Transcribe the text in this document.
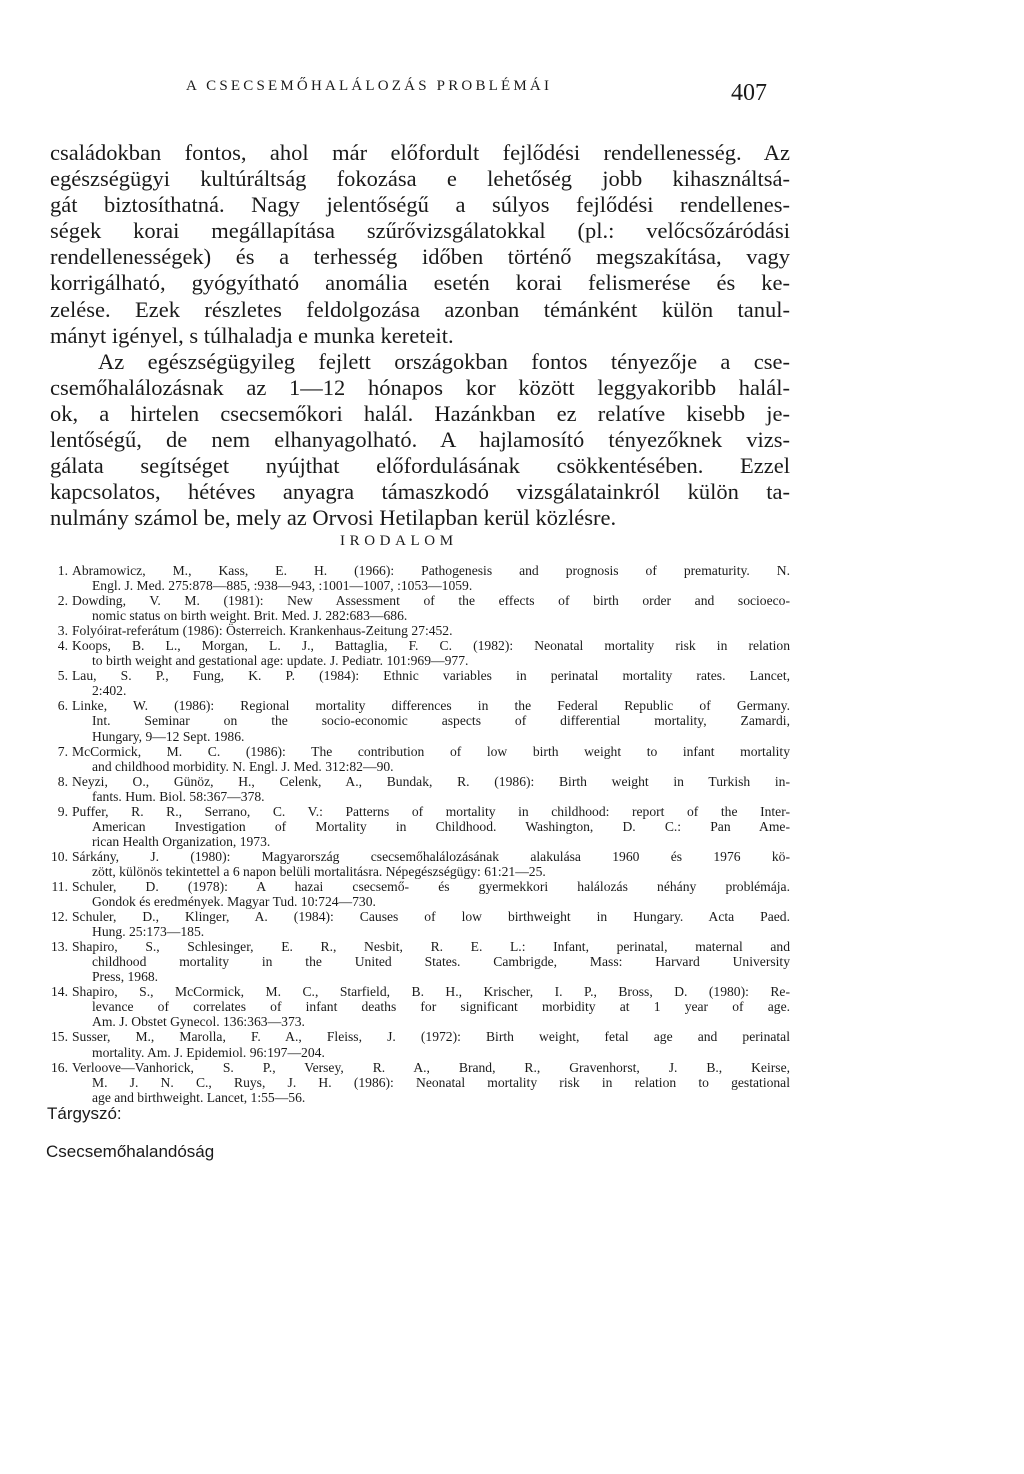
A CSECSEMŐHALÁLOZÁS PROBLÉMÁI	407
családokban fontos, ahol már előfordult fejlődési rendellenesség. Az
egészségügyi kultúráltság fokozása e lehetőség jobb kihasználtsá-
gát biztosíthatná. Nagy jelentőségű a súlyos fejlődési rendellenes-
ségek korai megállapítása szűrővizsgálatokkal (pl.: velőcsőzáródási
rendellenességek) és a terhesség időben történő megszakítása, vagy
korrigálható, gyógyítható anomália esetén korai felismerése és ke-
zelése. Ezek részletes feldolgozása azonban témánként külön tanul-
mányt igényel, s túlhaladja e munka kereteit.
Az egészségügyileg fejlett országokban fontos tényezője a cse-
csemőhalálozásnak az 1—12 hónapos kor között leggyakoribb halál-
ok, a hirtelen csecsemőkori halál. Hazánkban ez relatíve kisebb je-
lentőségű, de nem elhanyagolható. A hajlamosító tényezőknek vizs-
gálata segítséget nyújthat előfordulásának csökkentésében. Ezzel
kapcsolatos, hétéves anyagra támaszkodó vizsgálatainkról külön ta-
nulmány számol be, mely az Orvosi Hetilapban kerül közlésre.
IRODALOM
1. Abramowicz, M., Kass, E. H. (1966): Pathogenesis and prognosis of prematurity. N.
Engl. J. Med. 275:878—885, :938—943, :1001—1007, :1053—1059.
2. Dowding, V. M. (1981): New Assessment of the effects of birth order and socioeco-
nomic status on birth weight. Brit. Med. J. 282:683—686.
3. Folyóirat-referátum (1986): Österreich. Krankenhaus-Zeitung 27:452.
4. Koops, B. L., Morgan, L. J., Battaglia, F. C. (1982): Neonatal mortality risk in relation
to birth weight and gestational age: update. J. Pediatr. 101:969—977.
5. Lau, S. P., Fung, K. P. (1984): Ethnic variables in perinatal mortality rates. Lancet,
2:402.
6. Linke, W. (1986): Regional mortality differences in the Federal Republic of Germany.
Int. Seminar on the socio-economic aspects of differential mortality, Zamardi,
Hungary, 9—12 Sept. 1986.
7. McCormick, M. C. (1986): The contribution of low birth weight to infant mortality
and childhood morbidity. N. Engl. J. Med. 312:82—90.
8. Neyzi, O., Günöz, H., Celenk, A., Bundak, R. (1986): Birth weight in Turkish in-
fants. Hum. Biol. 58:367—378.
9. Puffer, R. R., Serrano, C. V.: Patterns of mortality in childhood: report of the Inter-
American Investigation of Mortality in Childhood. Washington, D. C.: Pan Ame-
rican Health Organization, 1973.
10. Sárkány, J. (1980): Magyarország csecsemőhalálozásának alakulása 1960 és 1976 kö-
zött, különös tekintettel a 6 napon belüli mortalitásra. Népegészségügy: 61:21—25.
11. Schuler, D. (1978): A hazai csecsemő- és gyermekkori halálozás néhány problémája.
Gondok és eredmények. Magyar Tud. 10:724—730.
12. Schuler, D., Klinger, A. (1984): Causes of low birthweight in Hungary. Acta Paed.
Hung. 25:173—185.
13. Shapiro, S., Schlesinger, E. R., Nesbit, R. E. L.: Infant, perinatal, maternal and
childhood mortality in the United States. Cambrigde, Mass: Harvard University
Press, 1968.
14. Shapiro, S., McCormick, M. C., Starfield, B. H., Krischer, I. P., Bross, D. (1980): Re-
levance of correlates of infant deaths for significant morbidity at 1 year of age.
Am. J. Obstet Gynecol. 136:363—373.
15. Susser, M., Marolla, F. A., Fleiss, J. (1972): Birth weight, fetal age and perinatal
mortality. Am. J. Epidemiol. 96:197—204.
16. Verloove—Vanhorick, S. P., Versey, R. A., Brand, R., Gravenhorst, J. B., Keirse,
M. J. N. C., Ruys, J. H. (1986): Neonatal mortality risk in relation to gestational
age and birthweight. Lancet, 1:55—56.
Tárgyszó:
Csecsemőhalandóság
